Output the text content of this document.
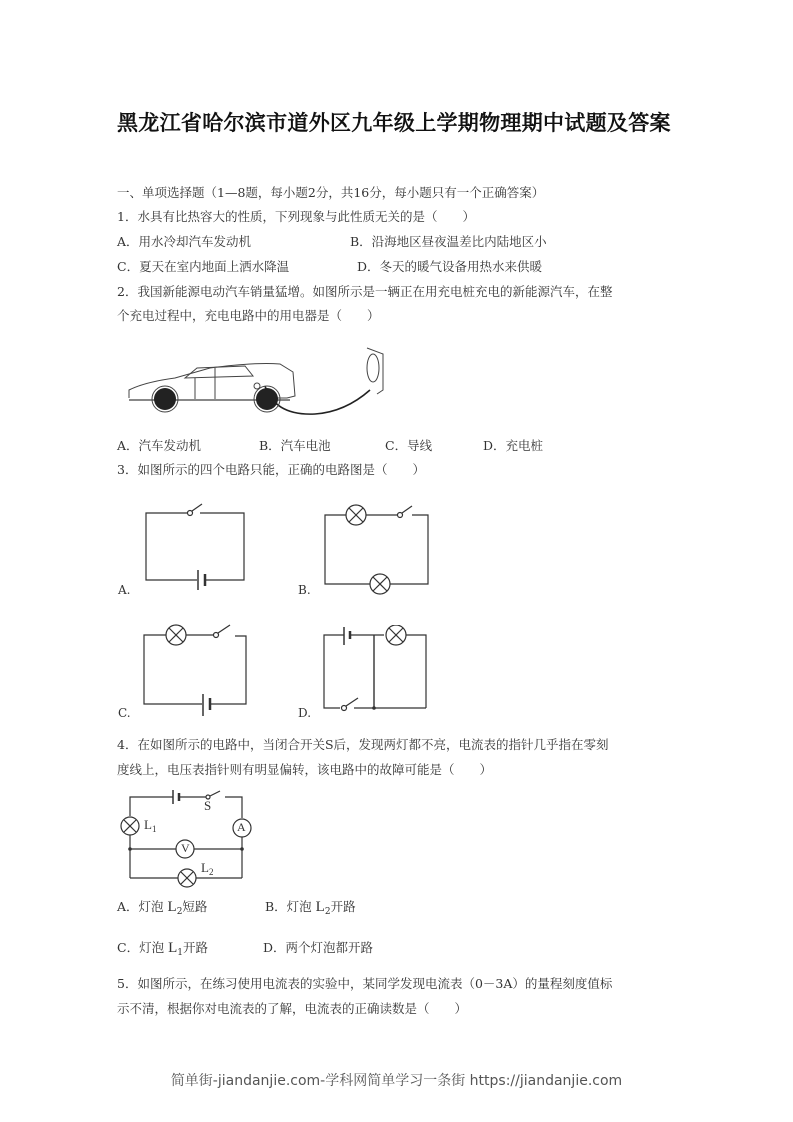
黑龙江省哈尔滨市道外区九年级上学期物理期中试题及答案
一、单项选择题（1—8题，每小题2分，共16分，每小题只有一个正确答案）
1．水具有比热容大的性质，下列现象与此性质无关的是（　　）
A．用水冷却汽车发动机	B．沿海地区昼夜温差比内陆地区小
C．夏天在室内地面上洒水降温	D．冬天的暖气设备用热水来供暖
2．我国新能源电动汽车销量猛增。如图所示是一辆正在用充电桩充电的新能源汽车，在整
个充电过程中，充电电路中的用电器是（　　）
A．汽车发动机	B．汽车电池	C．导线	D．充电桩
3．如图所示的四个电路只能，正确的电路图是（　　）
A.	B.
C.	D.
4．在如图所示的电路中，当闭合开关S后，发现两灯都不亮，电流表的指针几乎指在零刻
度线上，电压表指针则有明显偏转，该电路中的故障可能是（　　）
S
A
V
$L_1$
$L_2$
A．灯泡 $L_2$短路	B．灯泡 $L_2$开路
C．灯泡 $L_1$开路	D．两个灯泡都开路
5．如图所示，在练习使用电流表的实验中，某同学发现电流表（0－3A）的量程刻度值标
示不清，根据你对电流表的了解，电流表的正确读数是（　　）
简单街-jiandanjie.com-学科网简单学习一条街 https://jiandanjie.com
